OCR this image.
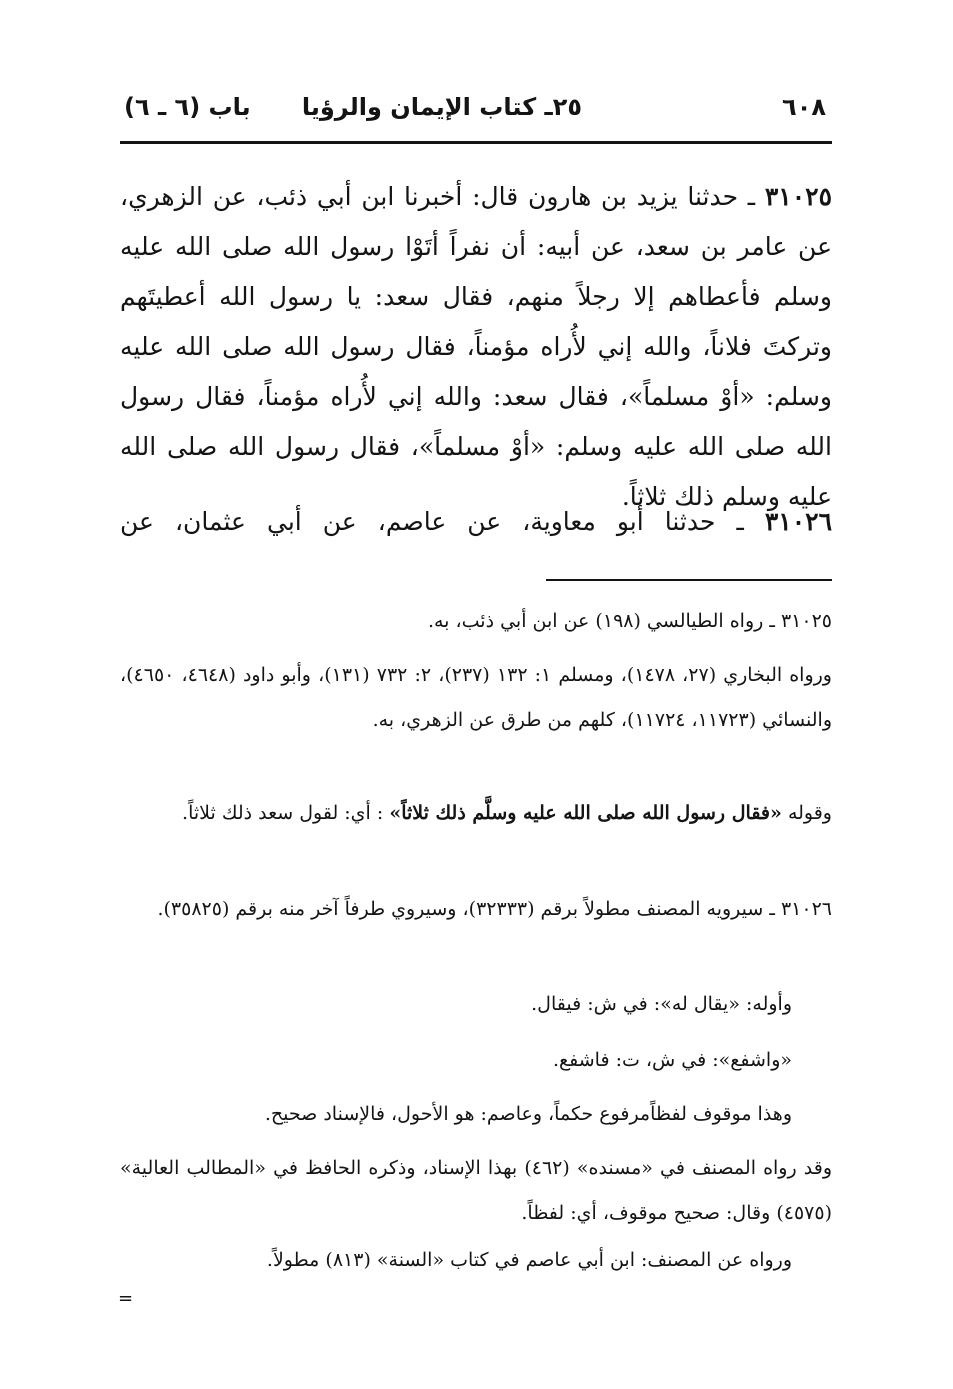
٦٠٨
٢٥ـ كتاب الإيمان والرؤيا
باب (٦ ـ ٦)
٣١٠٢٥ ـ حدثنا يزيد بن هارون قال: أخبرنا ابن أبي ذئب، عن الزهري، عن عامر بن سعد، عن أبيه: أن نفراً أتَوْا رسول الله صلى الله عليه وسلم فأعطاهم إلا رجلاً منهم، فقال سعد: يا رسول الله أعطيتَهم وتركتَ فلاناً، والله إني لأُراه مؤمناً، فقال رسول الله صلى الله عليه وسلم: «أوْ مسلماً»، فقال سعد: والله إني لأُراه مؤمناً، فقال رسول الله صلى الله عليه وسلم: «أوْ مسلماً»، فقال رسول الله صلى الله عليه وسلم ذلك ثلاثاً.
٣١٠٢٦ ـ حدثنا أبو معاوية، عن عاصم، عن أبي عثمان، عن
٣١٠٢٥ ـ رواه الطيالسي (١٩٨) عن ابن أبي ذئب، به.
ورواه البخاري (٢٧، ١٤٧٨)، ومسلم ١: ١٣٢ (٢٣٧)، ٢: ٧٣٢ (١٣١)، وأبو داود (٤٦٤٨، ٤٦٥٠)، والنسائي (١١٧٢٣، ١١٧٢٤)، كلهم من طرق عن الزهري، به.
وقوله «فقال رسول الله صلى الله عليه وسلَّم ذلك ثلاثاً» : أي: لقول سعد ذلك ثلاثاً.
٣١٠٢٦ ـ سيرويه المصنف مطولاً برقم (٣٢٣٣٣)، وسيروي طرفاً آخر منه برقم (٣٥٨٢٥).
وأوله: «يقال له»: في ش: فيقال.
«واشفع»: في ش، ت: فاشفع.
وهذا موقوف لفظاًمرفوع حكماً، وعاصم: هو الأحول، فالإسناد صحيح.
وقد رواه المصنف في «مسنده» (٤٦٢) بهذا الإسناد، وذكره الحافظ في «المطالب العالية» (٤٥٧٥) وقال: صحيح موقوف، أي: لفظاً.
ورواه عن المصنف: ابن أبي عاصم في كتاب «السنة» (٨١٣) مطولاً.
=
